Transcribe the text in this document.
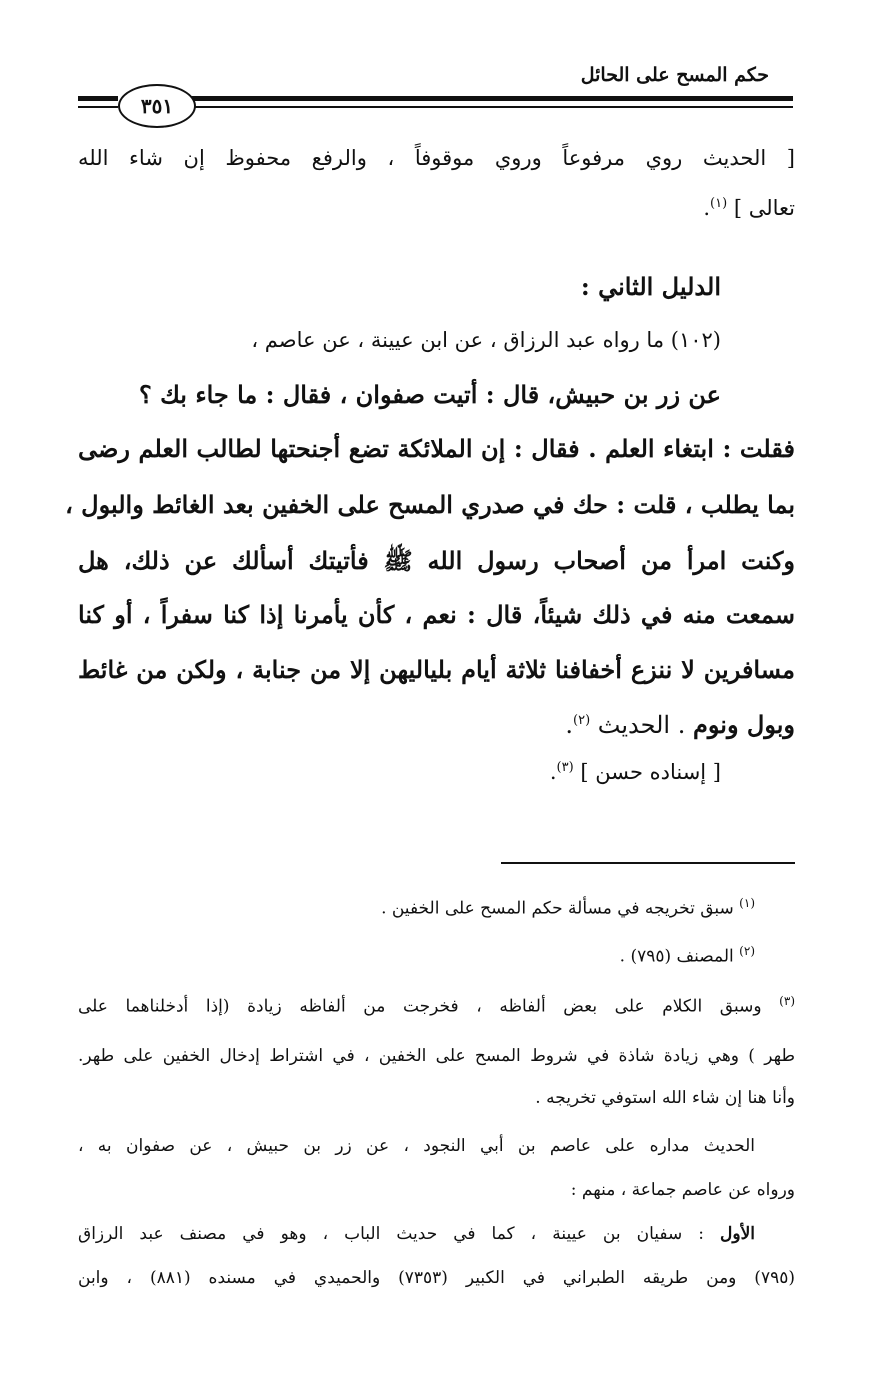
حكم المسح على الحائل
٣٥١
[ الحديث روي مرفوعاً وروي موقوفاً ، والرفع محفوظ إن شاء الله
تعالى ] $^{(١)}$.
الدليل الثاني :
(١٠٢) ما رواه عبد الرزاق ، عن ابن عيينة ، عن عاصم ،
عن زر بن حبيش، قال : أتيت صفوان ، فقال : ما جاء بك ؟
فقلت : ابتغاء العلم . فقال : إن الملائكة تضع أجنحتها لطالب العلم رضى
بما يطلب ، قلت : حك في صدري المسح على الخفين بعد الغائط والبول ،
وكنت امرأ من أصحاب رسول الله ﷺ فأتيتك أسألك عن ذلك، هل
سمعت منه في ذلك شيئاً، قال : نعم ، كأن يأمرنا إذا كنا سفراً ، أو كنا
مسافرين لا ننزع أخفافنا ثلاثة أيام بلياليهن إلا من جنابة ، ولكن من غائط
وبول ونوم . الحديث $^{(٢)}$.
[ إسناده حسن ] $^{(٣)}$.
$^{(١)}$ سبق تخريجه في مسألة حكم المسح على الخفين .
$^{(٢)}$ المصنف (٧٩٥) .
$^{(٣)}$ وسبق الكلام على بعض ألفاظه ، فخرجت من ألفاظه زيادة (إذا أدخلناهما على
طهر ) وهي زيادة شاذة في شروط المسح على الخفين ، في اشتراط إدخال الخفين على طهر.
وأنا هنا إن شاء الله استوفي تخريجه .
الحديث مداره على عاصم بن أبي النجود ، عن زر بن حبيش ، عن صفوان به ،
ورواه عن عاصم جماعة ، منهم :
الأول : سفيان بن عيينة ، كما في حديث الباب ، وهو في مصنف عبد الرزاق
(٧٩٥) ومن طريقه الطبراني في الكبير (٧٣٥٣) والحميدي في مسنده (٨٨١) ، وابن
